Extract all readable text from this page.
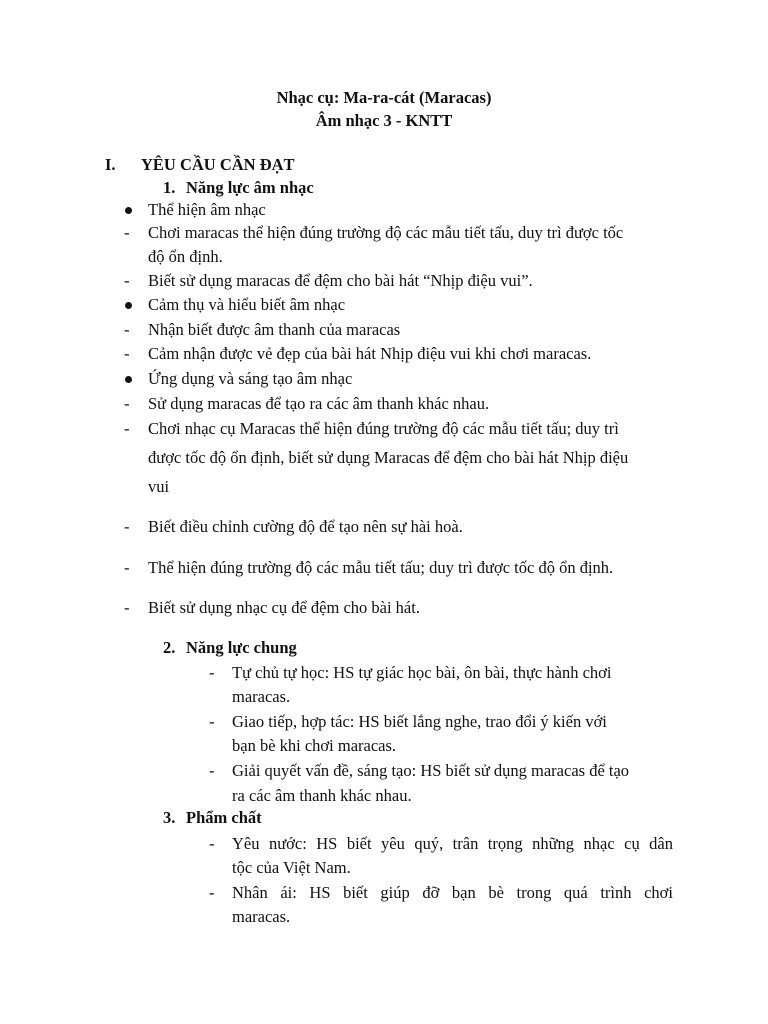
Nhạc cụ: Ma-ra-cát (Maracas)
Âm nhạc 3 - KNTT
I. YÊU CẦU CẦN ĐẠT
1. Năng lực âm nhạc
Thể hiện âm nhạc
- Chơi maracas thể hiện đúng trường độ các mẫu tiết tấu, duy trì được tốc
độ ổn định.
- Biết sử dụng maracas để đệm cho bài hát “Nhịp điệu vui”.
Cảm thụ và hiểu biết âm nhạc
- Nhận biết được âm thanh của maracas
- Cảm nhận được vẻ đẹp của bài hát Nhịp điệu vui khi chơi maracas.
Ứng dụng và sáng tạo âm nhạc
- Sử dụng maracas để tạo ra các âm thanh khác nhau.
- Chơi nhạc cụ Maracas thể hiện đúng trường độ các mẫu tiết tấu; duy trì
được tốc độ ổn định, biết sử dụng Maracas để đệm cho bài hát Nhịp điệu
vui
- Biết điều chỉnh cường độ để tạo nên sự hài hoà.
- Thể hiện đúng trường độ các mẫu tiết tấu; duy trì được tốc độ ổn định.
- Biết sử dụng nhạc cụ để đệm cho bài hát.
2. Năng lực chung
- Tự chủ tự học: HS tự giác học bài, ôn bài, thực hành chơi
maracas.
- Giao tiếp, hợp tác: HS biết lắng nghe, trao đổi ý kiến với
bạn bè khi chơi maracas.
- Giải quyết vấn đề, sáng tạo: HS biết sử dụng maracas để tạo
ra các âm thanh khác nhau.
3. Phẩm chất
- Yêu nước: HS biết yêu quý, trân trọng những nhạc cụ dân
tộc của Việt Nam.
- Nhân ái: HS biết giúp đỡ bạn bè trong quá trình chơi
maracas.
